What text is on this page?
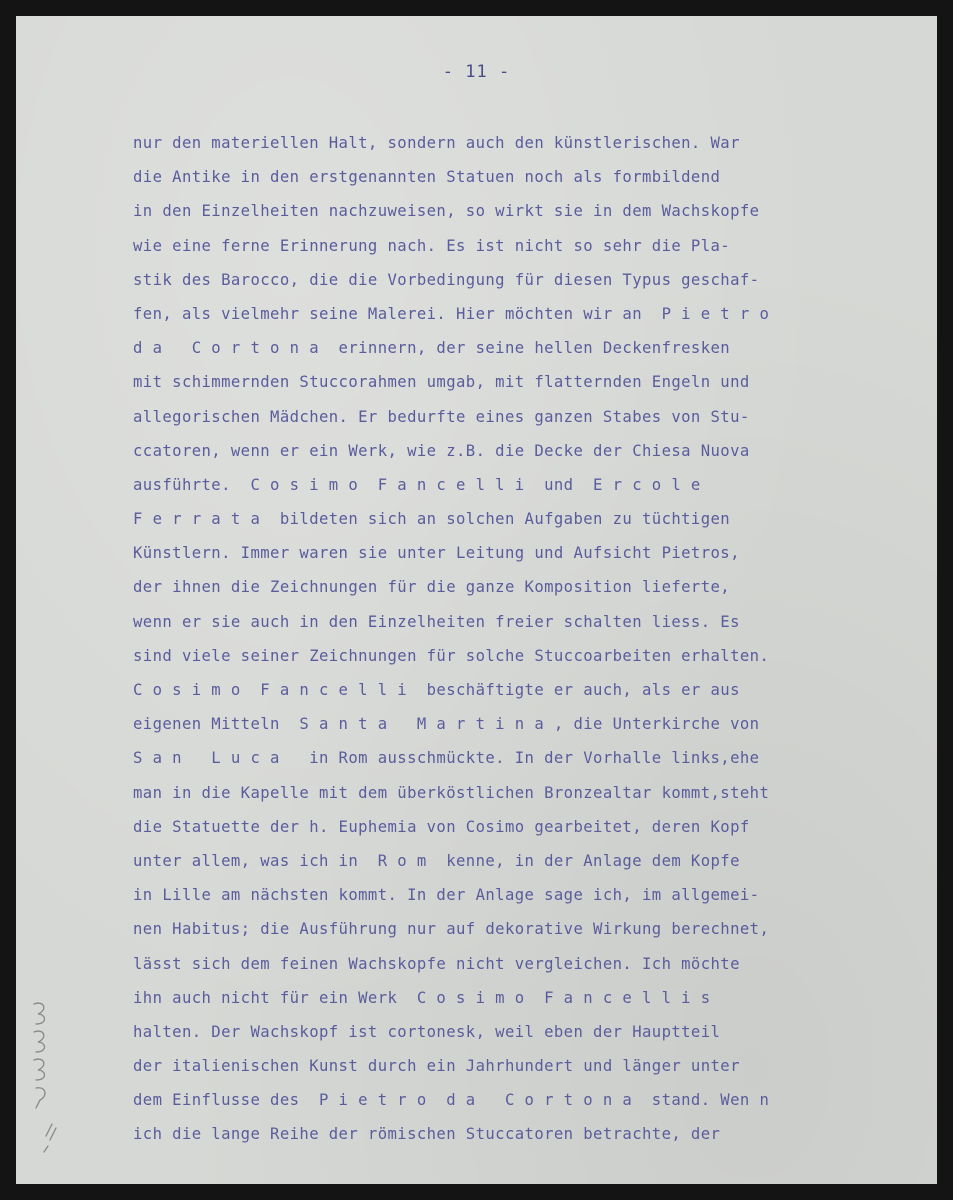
- 11 -
nur den materiellen Halt, sondern auch den künstlerischen. War
die Antike in den erstgenannten Statuen noch als formbildend
in den Einzelheiten nachzuweisen, so wirkt sie in dem Wachskopfe
wie eine ferne Erinnerung nach. Es ist nicht so sehr die Pla-
stik des Barocco, die die Vorbedingung für diesen Typus geschaf-
fen, als vielmehr seine Malerei. Hier möchten wir an  P i e t r o
d a   C o r t o n a  erinnern, der seine hellen Deckenfresken
mit schimmernden Stuccorahmen umgab, mit flatternden Engeln und
allegorischen Mädchen. Er bedurfte eines ganzen Stabes von Stu-
ccatoren, wenn er ein Werk, wie z.B. die Decke der Chiesa Nuova
ausführte.  C o s i m o  F a n c e l l i  und  E r c o l e
F e r r a t a  bildeten sich an solchen Aufgaben zu tüchtigen
Künstlern. Immer waren sie unter Leitung und Aufsicht Pietros,
der ihnen die Zeichnungen für die ganze Komposition lieferte,
wenn er sie auch in den Einzelheiten freier schalten liess. Es
sind viele seiner Zeichnungen für solche Stuccoarbeiten erhalten.
C o s i m o  F a n c e l l i  beschäftigte er auch, als er aus
eigenen Mitteln  S a n t a   M a r t i n a , die Unterkirche von
S a n   L u c a   in Rom ausschmückte. In der Vorhalle links,ehe
man in die Kapelle mit dem überköstlichen Bronzealtar kommt,steht
die Statuette der h. Euphemia von Cosimo gearbeitet, deren Kopf
unter allem, was ich in  R o m  kenne, in der Anlage dem Kopfe
in Lille am nächsten kommt. In der Anlage sage ich, im allgemei-
nen Habitus; die Ausführung nur auf dekorative Wirkung berechnet,
lässt sich dem feinen Wachskopfe nicht vergleichen. Ich möchte
ihn auch nicht für ein Werk  C o s i m o  F a n c e l l i s
halten. Der Wachskopf ist cortonesk, weil eben der Hauptteil
der italienischen Kunst durch ein Jahrhundert und länger unter
dem Einflusse des  P i e t r o  d a   C o r t o n a  stand. Wen n
ich die lange Reihe der römischen Stuccatoren betrachte, der
